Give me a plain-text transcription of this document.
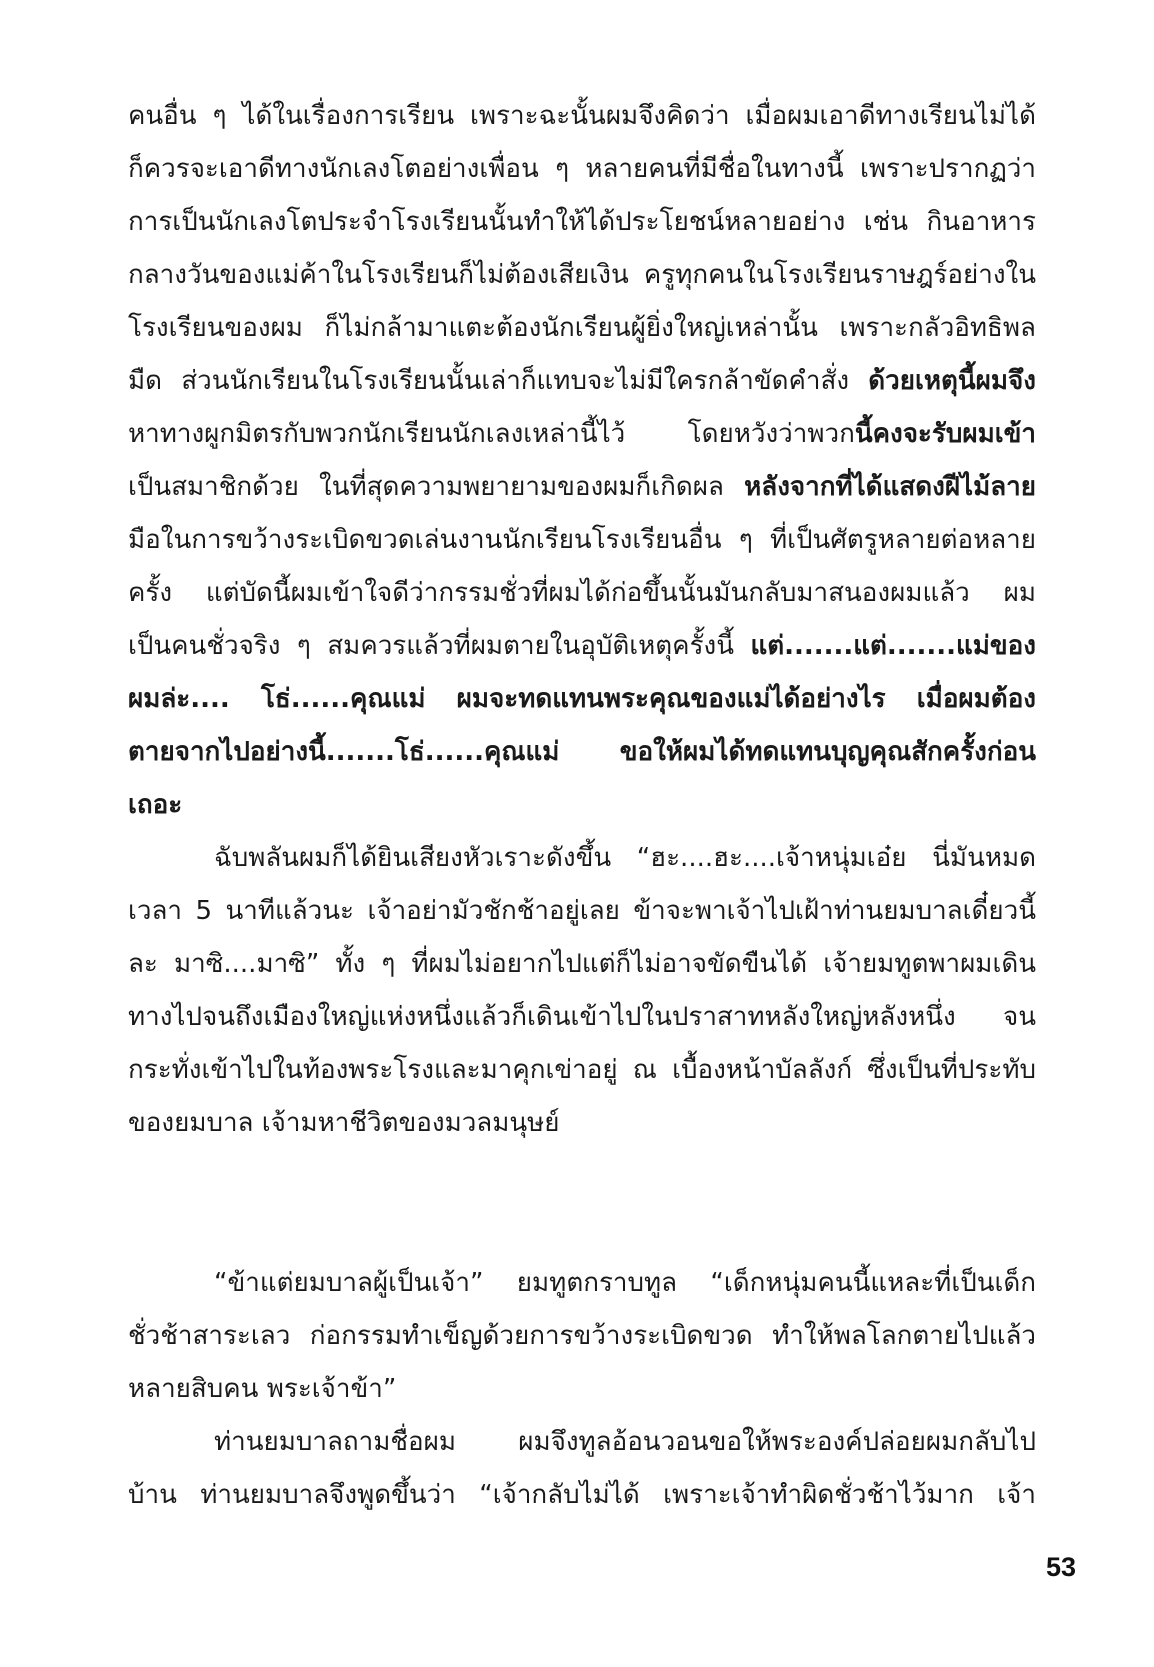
คนอื่น ๆ ได้ในเรื่องการเรียน เพราะฉะนั้นผมจึงคิดว่า เมื่อผมเอาดีทางเรียนไม่ได้
ก็ควรจะเอาดีทางนักเลงโตอย่างเพื่อน ๆ หลายคนที่มีชื่อในทางนี้ เพราะปรากฏว่า
การเป็นนักเลงโตประจำโรงเรียนนั้นทำให้ได้ประโยชน์หลายอย่าง เช่น กินอาหาร
กลางวันของแม่ค้าในโรงเรียนก็ไม่ต้องเสียเงิน ครูทุกคนในโรงเรียนราษฎร์อย่างใน
โรงเรียนของผม ก็ไม่กล้ามาแตะต้องนักเรียนผู้ยิ่งใหญ่เหล่านั้น เพราะกลัวอิทธิพล
มืด ส่วนนักเรียนในโรงเรียนนั้นเล่าก็แทบจะไม่มีใครกล้าขัดคำสั่ง ด้วยเหตุนี้ผมจึง
หาทางผูกมิตรกับพวกนักเรียนนักเลงเหล่านี้ไว้ โดยหวังว่าพวกนี้คงจะรับผมเข้า
เป็นสมาชิกด้วย ในที่สุดความพยายามของผมก็เกิดผล หลังจากที่ได้แสดงฝีไม้ลาย
มือในการขว้างระเบิดขวดเล่นงานนักเรียนโรงเรียนอื่น ๆ ที่เป็นศัตรูหลายต่อหลาย
ครั้ง แต่บัดนี้ผมเข้าใจดีว่ากรรมชั่วที่ผมได้ก่อขึ้นนั้นมันกลับมาสนองผมแล้ว ผม
เป็นคนชั่วจริง ๆ สมควรแล้วที่ผมตายในอุบัติเหตุครั้งนี้ แต่.......แต่.......แม่ของ
ผมล่ะ.... โธ่......คุณแม่ ผมจะทดแทนพระคุณของแม่ได้อย่างไร เมื่อผมต้อง
ตายจากไปอย่างนี้.......โธ่......คุณแม่ ขอให้ผมได้ทดแทนบุญคุณสักครั้งก่อน
เถอะ
ฉับพลันผมก็ได้ยินเสียงหัวเราะดังขึ้น “ฮะ....ฮะ....เจ้าหนุ่มเอ๋ย นี่มันหมด
เวลา 5 นาทีแล้วนะ เจ้าอย่ามัวชักช้าอยู่เลย ข้าจะพาเจ้าไปเฝ้าท่านยมบาลเดี๋ยวนี้
ละ มาซิ....มาซิ” ทั้ง ๆ ที่ผมไม่อยากไปแต่ก็ไม่อาจขัดขืนได้ เจ้ายมทูตพาผมเดิน
ทางไปจนถึงเมืองใหญ่แห่งหนึ่งแล้วก็เดินเข้าไปในปราสาทหลังใหญ่หลังหนึ่ง จน
กระทั่งเข้าไปในท้องพระโรงและมาคุกเข่าอยู่ ณ เบื้องหน้าบัลลังก์ ซึ่งเป็นที่ประทับ
ของยมบาล เจ้ามหาชีวิตของมวลมนุษย์
“ข้าแต่ยมบาลผู้เป็นเจ้า” ยมทูตกราบทูล “เด็กหนุ่มคนนี้แหละที่เป็นเด็ก
ชั่วช้าสาระเลว ก่อกรรมทำเข็ญด้วยการขว้างระเบิดขวด ทำให้พลโลกตายไปแล้ว
หลายสิบคน พระเจ้าข้า”
ท่านยมบาลถามชื่อผม ผมจึงทูลอ้อนวอนขอให้พระองค์ปล่อยผมกลับไป
บ้าน ท่านยมบาลจึงพูดขึ้นว่า “เจ้ากลับไม่ได้ เพราะเจ้าทำผิดชั่วช้าไว้มาก เจ้า
53
